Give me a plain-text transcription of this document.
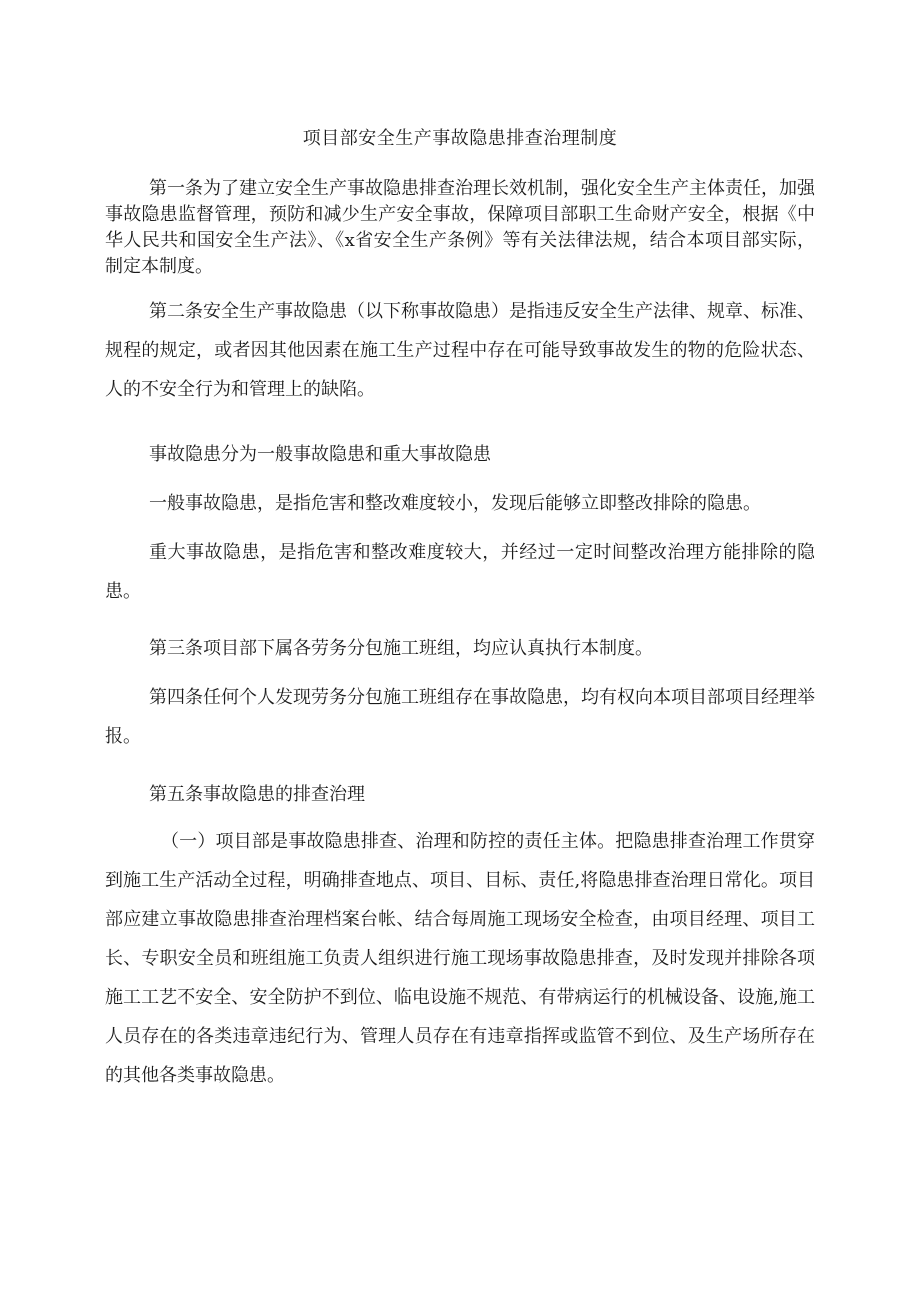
项目部安全生产事故隐患排查治理制度

第一条为了建立安全生产事故隐患排查治理长效机制，强化安全生产主体责任，加强事故隐患监督管理，预防和减少生产安全事故，保障项目部职工生命财产安全，根据《中华人民共和国安全生产法》、《x省安全生产条例》等有关法律法规，结合本项目部实际，制定本制度。

第二条安全生产事故隐患（以下称事故隐患）是指违反安全生产法律、规章、标准、规程的规定，或者因其他因素在施工生产过程中存在可能导致事故发生的物的危险状态、人的不安全行为和管理上的缺陷。

事故隐患分为一般事故隐患和重大事故隐患

一般事故隐患，是指危害和整改难度较小，发现后能够立即整改排除的隐患。

重大事故隐患，是指危害和整改难度较大，并经过一定时间整改治理方能排除的隐患。

第三条项目部下属各劳务分包施工班组，均应认真执行本制度。

第四条任何个人发现劳务分包施工班组存在事故隐患，均有权向本项目部项目经理举报。

第五条事故隐患的排查治理

（一）项目部是事故隐患排查、治理和防控的责任主体。把隐患排查治理工作贯穿到施工生产活动全过程，明确排查地点、项目、目标、责任,将隐患排查治理日常化。项目部应建立事故隐患排查治理档案台帐、结合每周施工现场安全检查，由项目经理、项目工长、专职安全员和班组施工负责人组织进行施工现场事故隐患排查，及时发现并排除各项施工工艺不安全、安全防护不到位、临电设施不规范、有带病运行的机械设备、设施,施工人员存在的各类违章违纪行为、管理人员存在有违章指挥或监管不到位、及生产场所存在的其他各类事故隐患。
